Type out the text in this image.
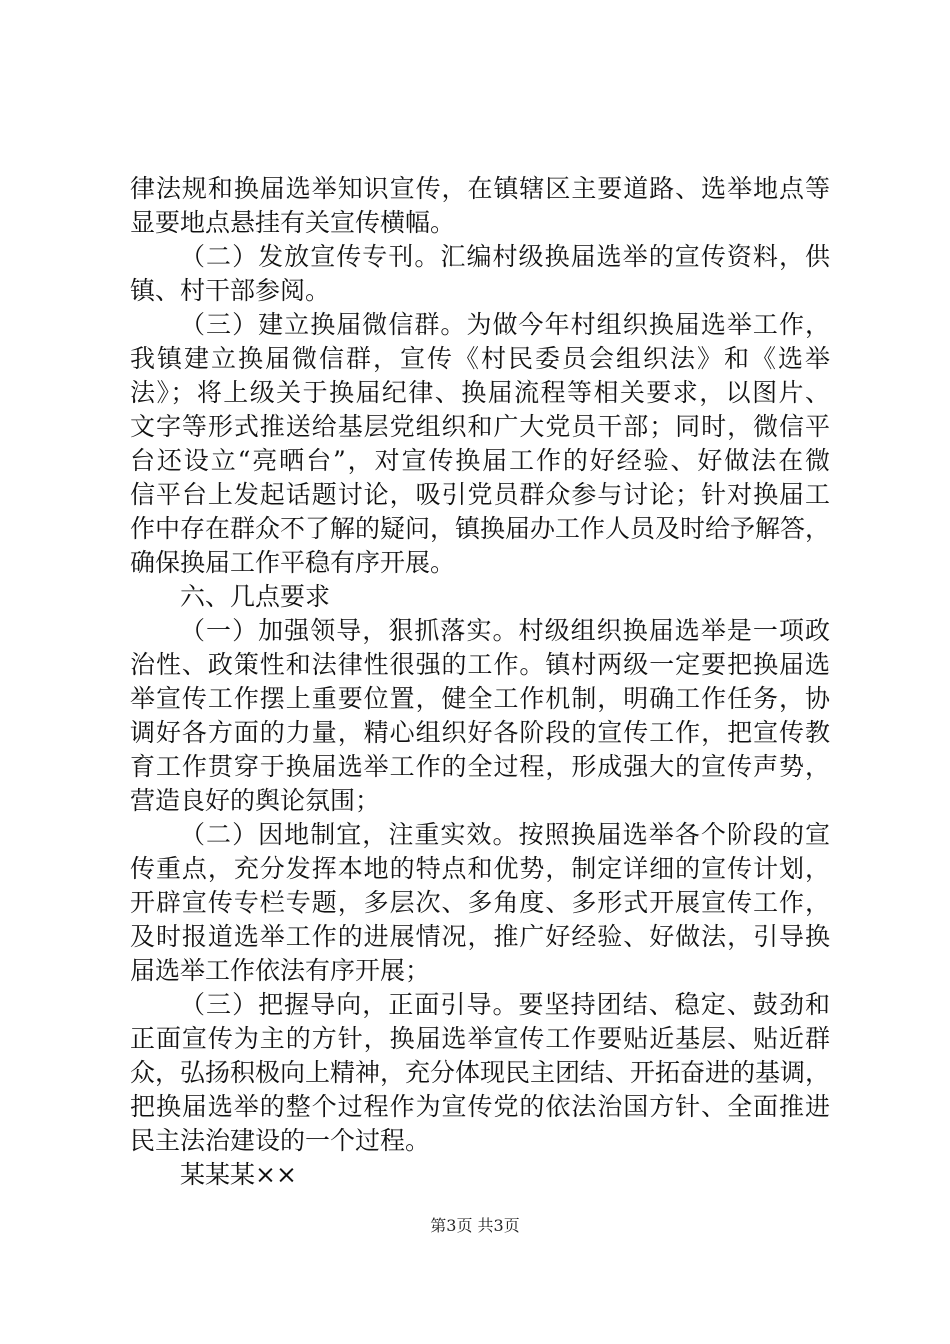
律法规和换届选举知识宣传，在镇辖区主要道路、选举地点等
显要地点悬挂有关宣传横幅。
（二）发放宣传专刊。汇编村级换届选举的宣传资料，供
镇、村干部参阅。
（三）建立换届微信群。为做今年村组织换届选举工作，
我镇建立换届微信群，宣传《村民委员会组织法》和《选举
法》；将上级关于换届纪律、换届流程等相关要求，以图片、
文字等形式推送给基层党组织和广大党员干部；同时，微信平
台还设立“亮晒台”，对宣传换届工作的好经验、好做法在微
信平台上发起话题讨论，吸引党员群众参与讨论；针对换届工
作中存在群众不了解的疑问，镇换届办工作人员及时给予解答，
确保换届工作平稳有序开展。
六、几点要求
（一）加强领导，狠抓落实。村级组织换届选举是一项政
治性、政策性和法律性很强的工作。镇村两级一定要把换届选
举宣传工作摆上重要位置，健全工作机制，明确工作任务，协
调好各方面的力量，精心组织好各阶段的宣传工作，把宣传教
育工作贯穿于换届选举工作的全过程，形成强大的宣传声势，
营造良好的舆论氛围；
（二）因地制宜，注重实效。按照换届选举各个阶段的宣
传重点，充分发挥本地的特点和优势，制定详细的宣传计划，
开辟宣传专栏专题，多层次、多角度、多形式开展宣传工作，
及时报道选举工作的进展情况，推广好经验、好做法，引导换
届选举工作依法有序开展；
（三）把握导向，正面引导。要坚持团结、稳定、鼓劲和
正面宣传为主的方针，换届选举宣传工作要贴近基层、贴近群
众，弘扬积极向上精神，充分体现民主团结、开拓奋进的基调，
把换届选举的整个过程作为宣传党的依法治国方针、全面推进
民主法治建设的一个过程。
某某某××
第3页 共3页
